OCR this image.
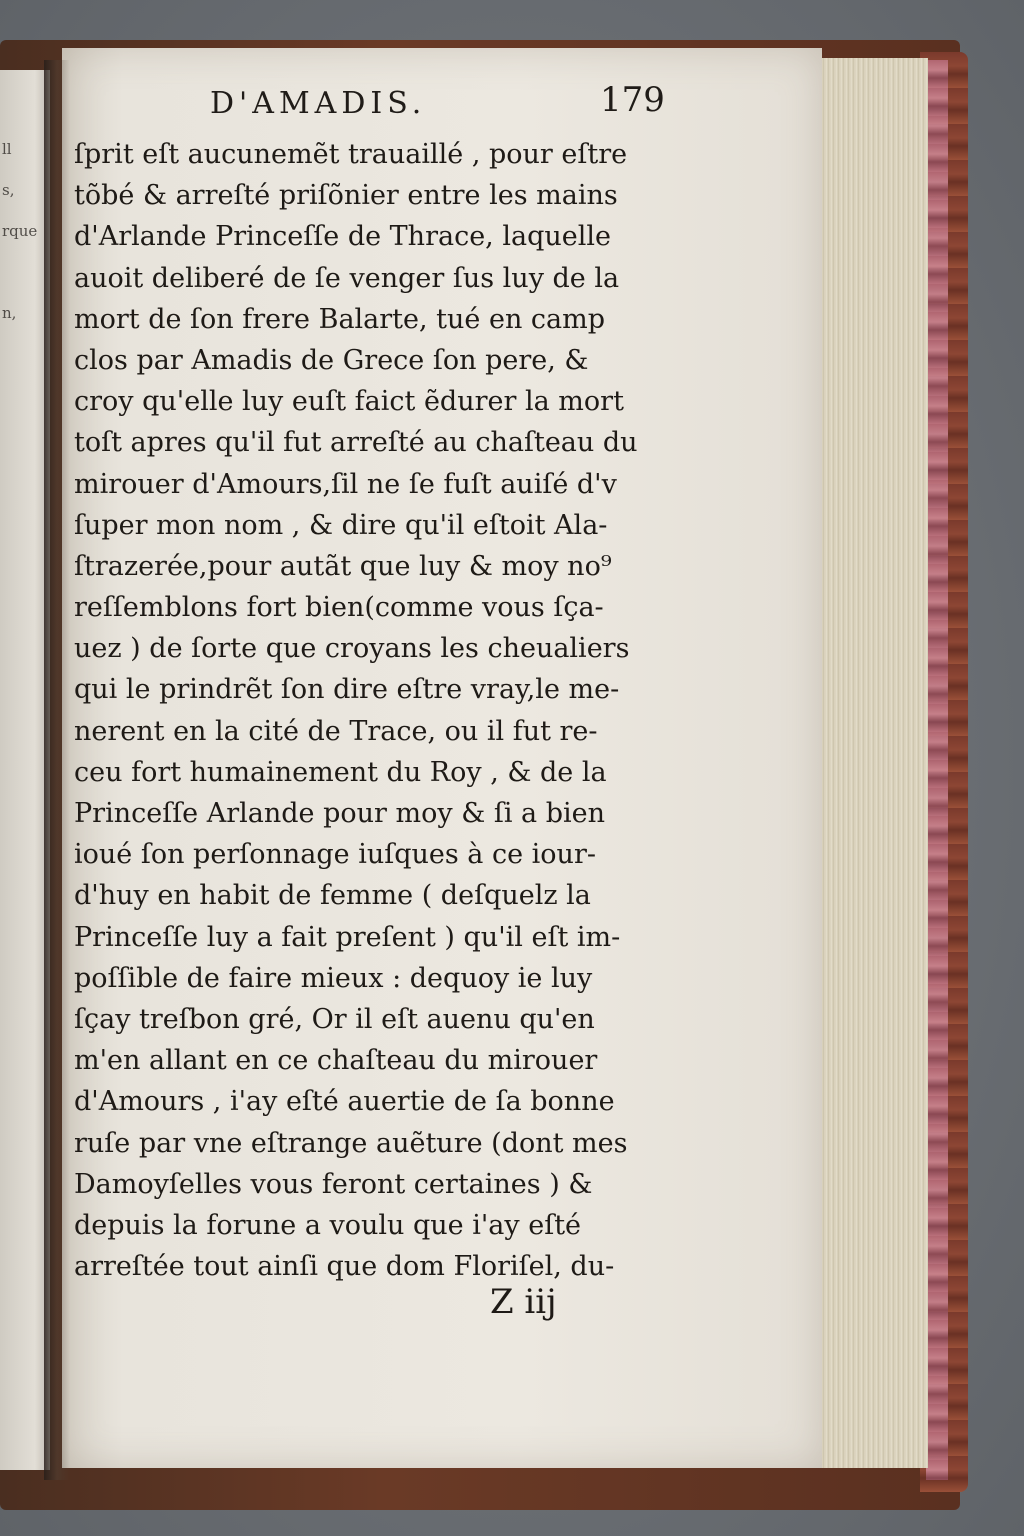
ll
s,
rque
n,
D'AMADIS.	179
ſprit eſt aucunemẽt trauaillé , pour eſtre
tõbé & arreſté priſõnier entre les mains
d'Arlande Princeſſe de Thrace, laquelle
auoit deliberé de ſe venger ſus luy de la
mort de ſon frere Balarte, tué en camp
clos par Amadis de Grece ſon pere, &
croy qu'elle luy euſt faict ẽdurer la mort
toſt apres qu'il fut arreſté au chaſteau du
mirouer d'Amours,ſil ne ſe fuſt auiſé d'v
ſuper mon nom , & dire qu'il eſtoit Ala-
ſtrazerée,pour autãt que luy & moy no⁹
reſſemblons fort bien(comme vous ſça-
uez ) de ſorte que croyans les cheualiers
qui le prindrẽt ſon dire eſtre vray,le me-
nerent en la cité de Trace, ou il fut re-
ceu fort humainement du Roy , & de la
Princeſſe Arlande pour moy & ſi a bien
ioué ſon perſonnage iuſques à ce iour-
d'huy en habit de femme ( deſquelz la
Princeſſe luy a fait preſent ) qu'il eſt im-
poſſible de faire mieux : dequoy ie luy
ſçay treſbon gré, Or il eſt auenu qu'en
m'en allant en ce chaſteau du mirouer
d'Amours , i'ay eſté auertie de ſa bonne
ruſe par vne eſtrange auẽture (dont mes
Damoyſelles vous feront certaines ) &
depuis la forune a voulu que i'ay eſté
arreſtée tout ainſi que dom Floriſel, du-
Z iij
